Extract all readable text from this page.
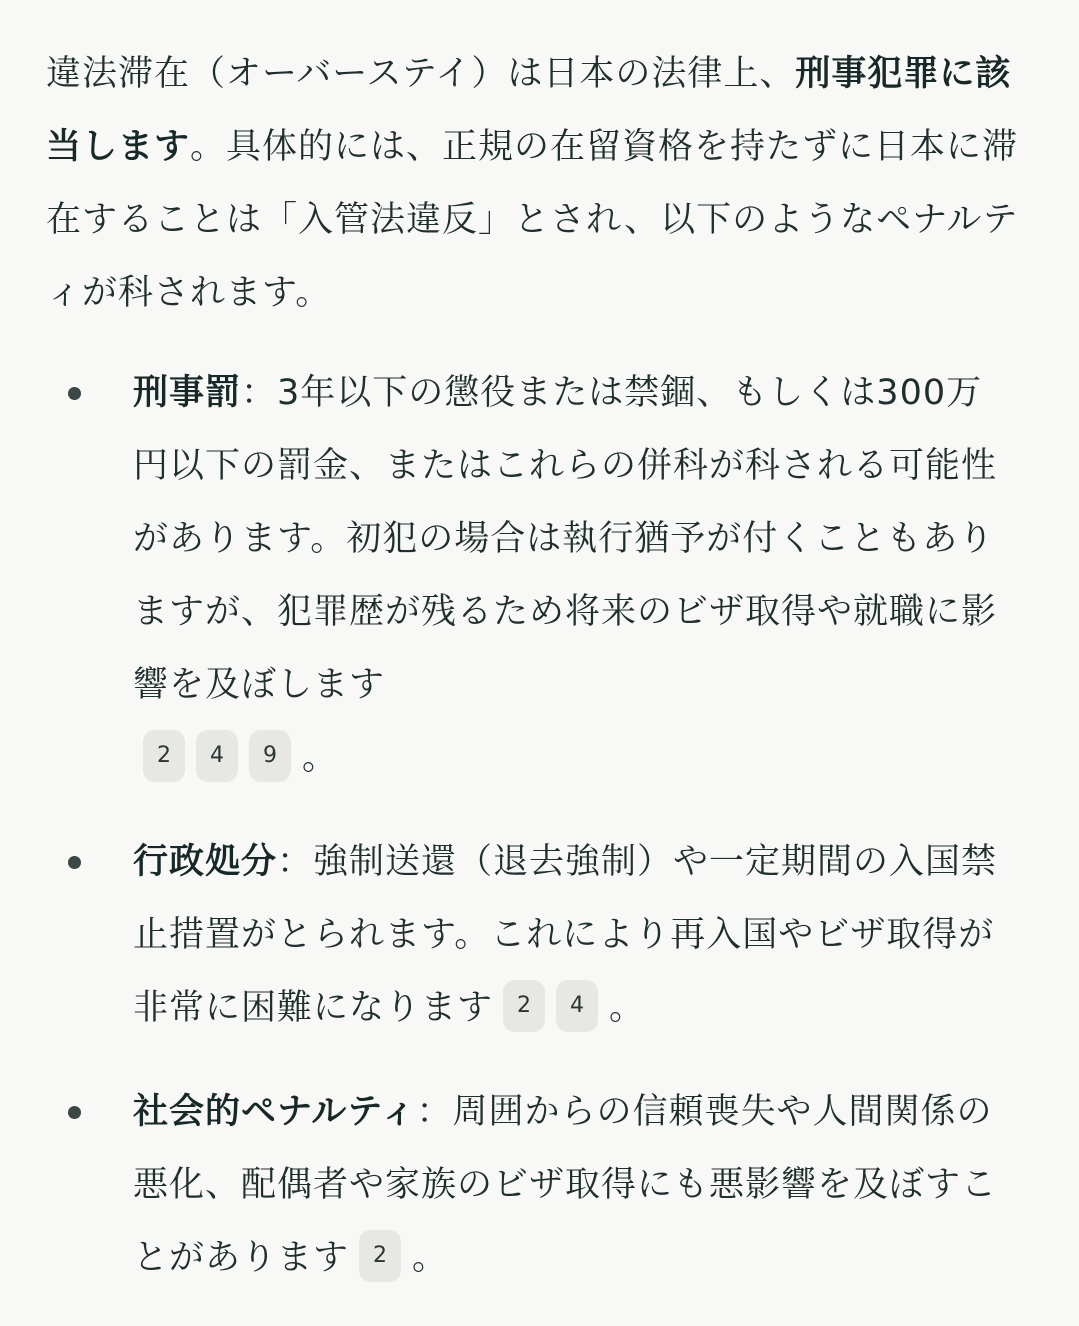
違法滞在（オーバーステイ）は日本の法律上、刑事犯罪に該当します。具体的には、正規の在留資格を持たずに日本に滞在することは「入管法違反」とされ、以下のようなペナルティが科されます。

刑事罰：3年以下の懲役または禁錮、もしくは300万円以下の罰金、またはこれらの併科が科される可能性があります。初犯の場合は執行猶予が付くこともありますが、犯罪歴が残るため将来のビザ取得や就職に影響を及ぼします
2 4 9 。
行政処分：強制送還（退去強制）や一定期間の入国禁止措置がとられます。これにより再入国やビザ取得が非常に困難になります 2 4 。
社会的ペナルティ：周囲からの信頼喪失や人間関係の悪化、配偶者や家族のビザ取得にも悪影響を及ぼすことがあります 2 。
